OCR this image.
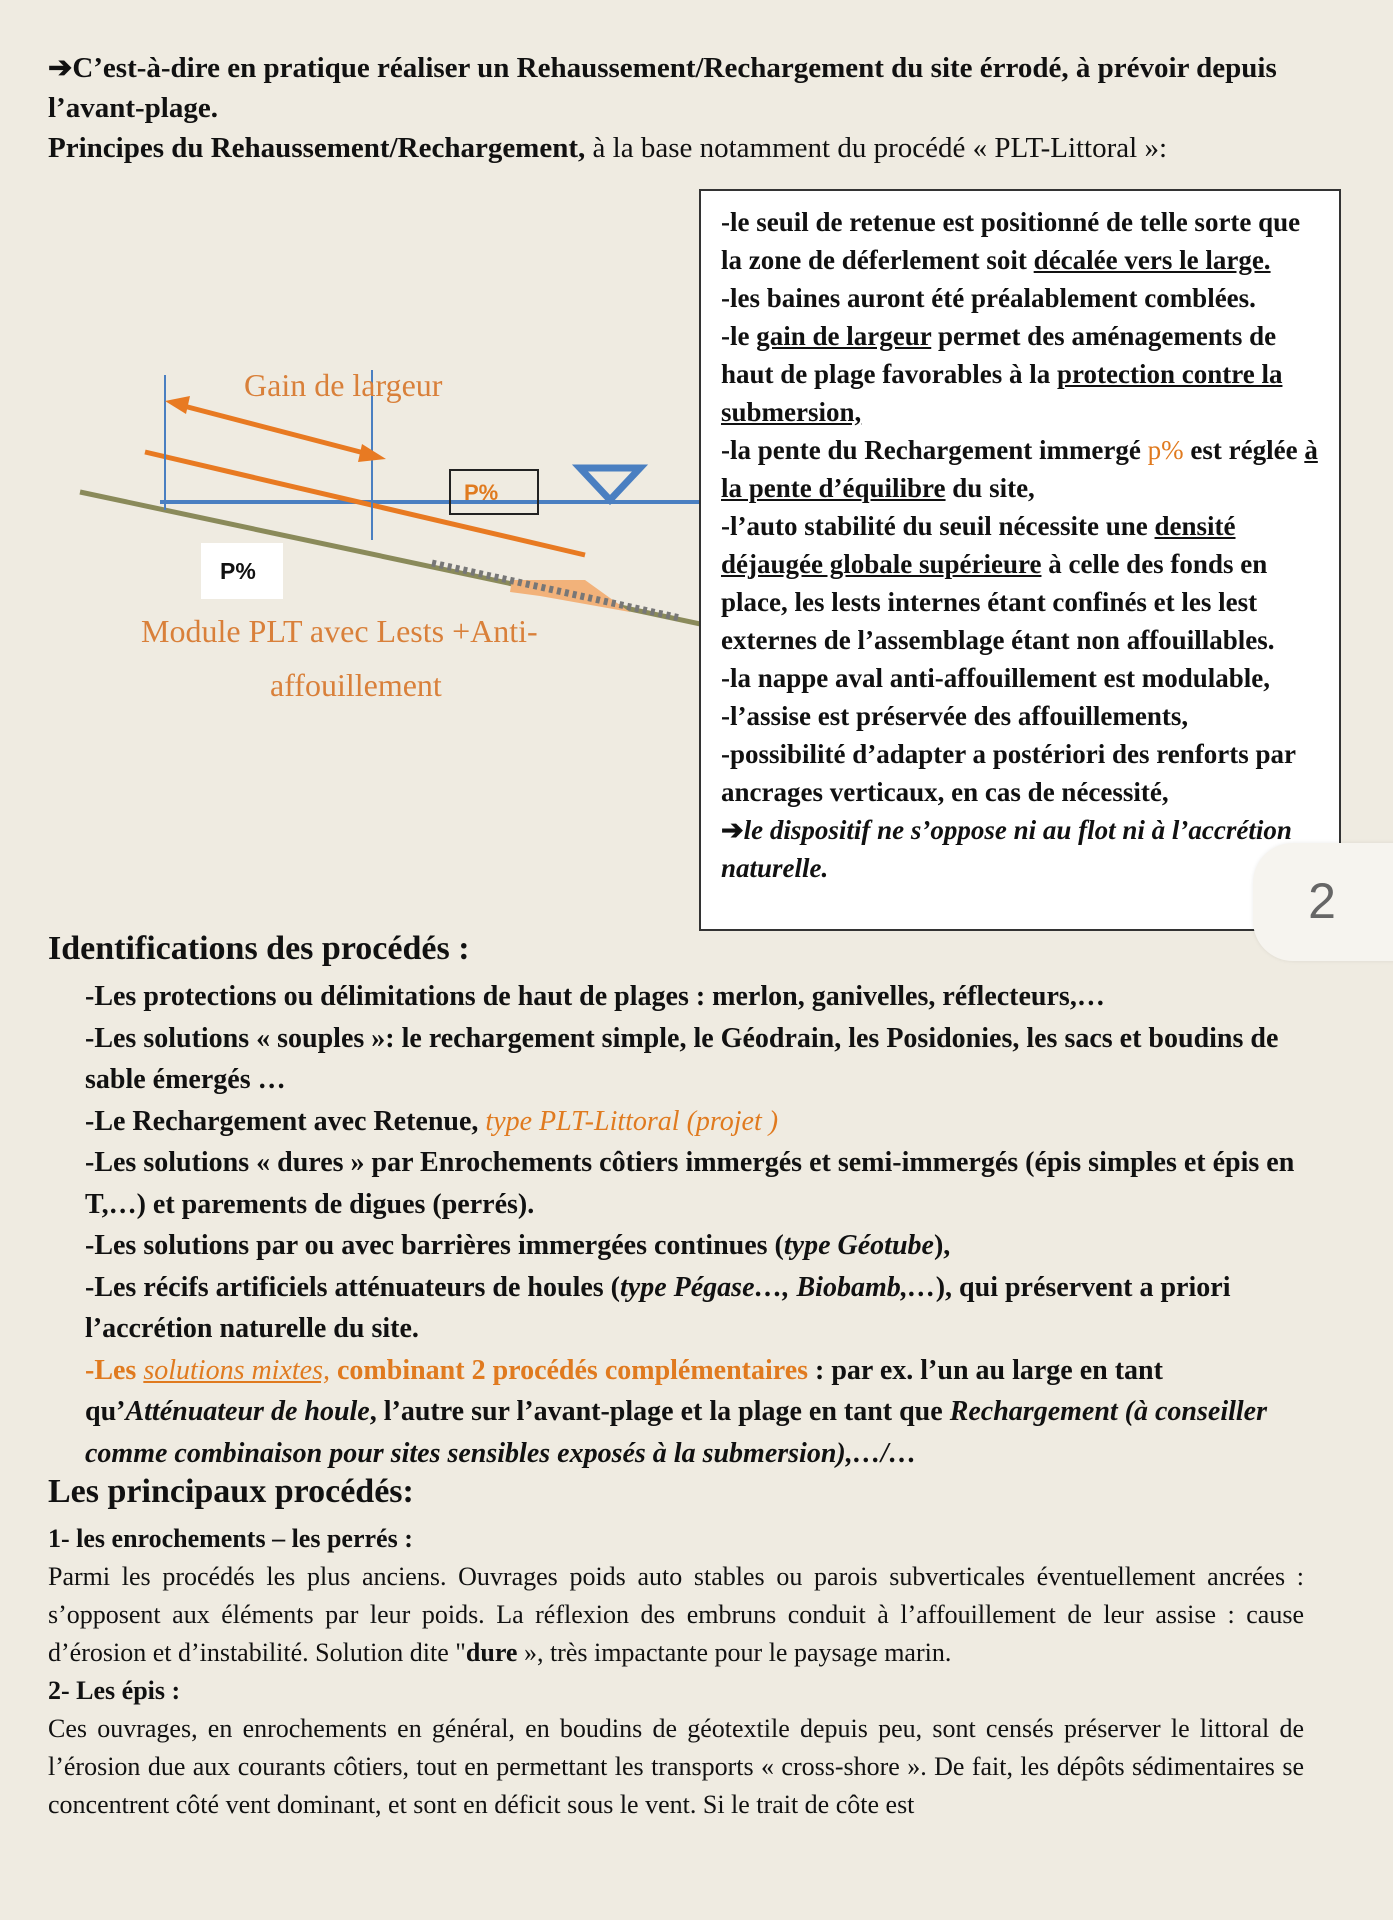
➔C’est-à-dire en pratique réaliser un Rehaussement/Rechargement du site érrodé, à prévoir depuis l’avant-plage.
Principes du Rehaussement/Rechargement, à la base notamment du procédé « PLT-Littoral »:
P%
P%
Gain de largeur
Module PLT avec Lests +Anti-
affouillement
-le seuil de retenue est positionné de telle sorte que la zone de déferlement soit décalée vers le large.
-les baines auront été préalablement comblées.
-le gain de largeur permet des aménagements de haut de plage favorables à la protection contre la submersion,
-la pente du Rechargement immergé p% est réglée à la pente d’équilibre du site,
-l’auto stabilité du seuil nécessite une densité déjaugée globale supérieure à celle des fonds en place, les lests internes étant confinés et les lest externes de l’assemblage étant non affouillables.
-la nappe aval anti-affouillement est modulable,
-l’assise est préservée des affouillements,
-possibilité d’adapter a postériori des renforts par ancrages verticaux, en cas de nécessité,
➔le dispositif ne s’oppose ni au flot ni à l’accrétion naturelle.
2
Identifications des procédés :

-Les protections ou délimitations de haut de plages : merlon, ganivelles, réflecteurs,…

-Les solutions « souples »: le rechargement simple, le Géodrain, les Posidonies, les sacs et boudins de sable émergés …

-Le Rechargement avec Retenue, type PLT-Littoral (projet )

-Les solutions « dures » par Enrochements côtiers immergés et semi-immergés (épis simples et épis en T,…) et parements de digues (perrés).

-Les solutions par ou avec barrières immergées continues (type Géotube),

-Les récifs artificiels atténuateurs de houles (type Pégase…, Biobamb,…), qui préservent a priori l’accrétion naturelle du site.

-Les solutions mixtes, combinant 2 procédés complémentaires : par ex. l’un au large en tant qu’Atténuateur de houle, l’autre sur l’avant-plage et la plage en tant que Rechargement (à conseiller comme combinaison pour sites sensibles exposés à la submersion),…/…

Les principaux procédés:

1- les enrochements – les perrés :

Parmi les procédés les plus anciens. Ouvrages poids auto stables ou parois subverticales éventuellement ancrées : s’opposent aux éléments par leur poids. La réflexion des embruns conduit à l’affouillement de leur assise : cause d’érosion et d’instabilité. Solution dite "dure », très impactante pour le paysage marin.

2- Les épis :

Ces ouvrages, en enrochements en général, en boudins de géotextile depuis peu, sont censés préserver le littoral de l’érosion due aux courants côtiers, tout en permettant les transports « cross-shore ». De fait, les dépôts sédimentaires se concentrent côté vent dominant, et sont en déficit sous le vent. Si le trait de côte est
